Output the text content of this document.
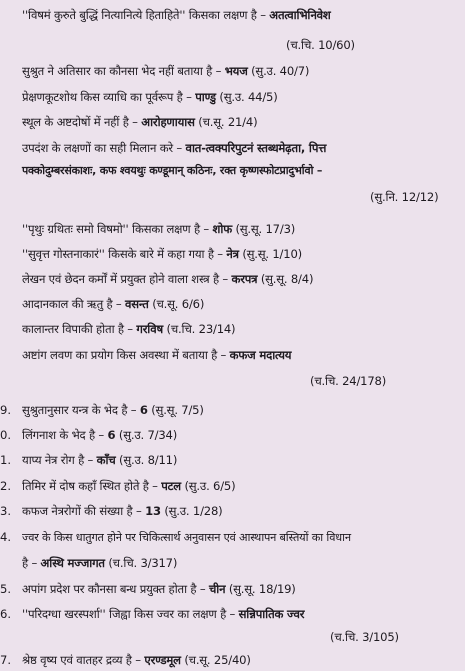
''विषमं कुरुते बुद्धिं नित्यानित्ये हिताहिते'' किसका लक्षण है – अतत्वाभिनिवेश
(च.चि. 10/60)
सुश्रुत ने अतिसार का कौनसा भेद नहीं बताया है – भयज (सु.उ. 40/7)
प्रेक्षणकूटशोथ किस व्याधि का पूर्वरूप है – पाण्डु (सु.उ. 44/5)
स्थूल के अष्टदोषों में नहीं है – आरोहणायास (च.सू. 21/4)
उपदंश के लक्षणों का सही मिलान करे – वात-त्वक्परिपुटनं स्तब्धमेढ़ता, पित्त
पक्कोदुम्बरसंकाशः, कफ श्वयथुः कण्डूमान् कठिनः, रक्त कृष्णस्फोटप्रादुर्भावो –
(सु.नि. 12/12)
''पृथुः ग्रथितः समो विषमो'' किसका लक्षण है – शोफ (सु.सू. 17/3)
''सुवृत्त गोस्तनाकारं'' किसके बारे में कहा गया है – नेत्र (सु.सू. 1/10)
लेखन एवं छेदन कर्मों में प्रयुक्त होने वाला शस्त्र है – करपत्र (सु.सू. 8/4)
आदानकाल की ऋतु है – वसन्त (च.सू. 6/6)
कालान्तर विपाकी होता है – गरविष (च.चि. 23/14)
अष्टांग लवण का प्रयोग किस अवस्था में बताया है – कफज मदात्यय
(च.चि. 24/178)
9. सुश्रुतानुसार यन्त्र के भेद है – 6 (सु.सू. 7/5)
0. लिंगनाश के भेद है – 6 (सु.उ. 7/34)
1. याप्य नेत्र रोग है – कॉंच (सु.उ. 8/11)
2. तिमिर में दोष कहाँ स्थित होते है – पटल (सु.उ. 6/5)
3. कफज नेत्ररोगों की संख्या है – 13 (सु.उ. 1/28)
4. ज्वर के किस धातुगत होने पर चिकित्सार्थ अनुवासन एवं आस्थापन बस्तियों का विधान
है – अस्थि मज्जागत (च.चि. 3/317)
5. अपांग प्रदेश पर कौनसा बन्ध प्रयुक्त होता है – चीन (सु.सू. 18/19)
6. ''परिदग्धा खरस्पर्शा'' जिह्वा किस ज्वर का लक्षण है – सन्निपातिक ज्वर
(च.चि. 3/105)
7. श्रेष्ठ वृष्य एवं वातहर द्रव्य है – एरण्डमूल (च.सू. 25/40)
